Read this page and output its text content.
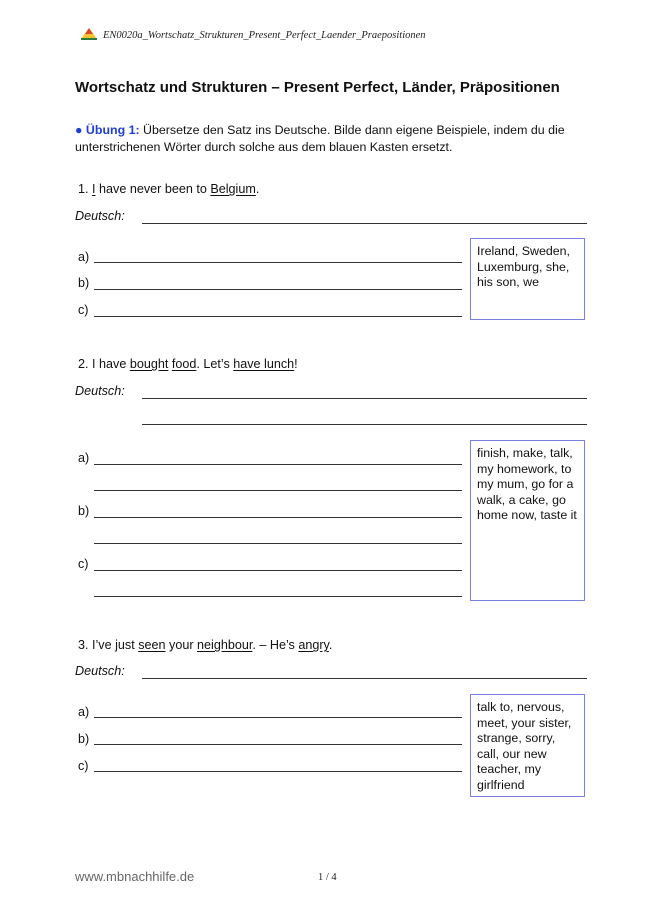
EN0020a_Wortschatz_Strukturen_Present_Perfect_Laender_Praepositionen
Wortschatz und Strukturen – Present Perfect, Länder, Präpositionen
● Übung 1: Übersetze den Satz ins Deutsche. Bilde dann eigene Beispiele, indem du die unterstrichenen Wörter durch solche aus dem blauen Kasten ersetzt.
1. I have never been to Belgium.
Deutsch:
a)
b)
c)
Ireland, Sweden, Luxemburg, she, his son, we
2. I have bought food. Let’s have lunch!
Deutsch:
a)
b)
c)
finish, make, talk, my homework, to my mum, go for a walk, a cake, go home now, taste it
3. I’ve just seen your neighbour. – He’s angry.
Deutsch:
a)
b)
c)
talk to, nervous, meet, your sister, strange, sorry, call, our new teacher, my girlfriend
www.mbnachhilfe.de	1 / 4
